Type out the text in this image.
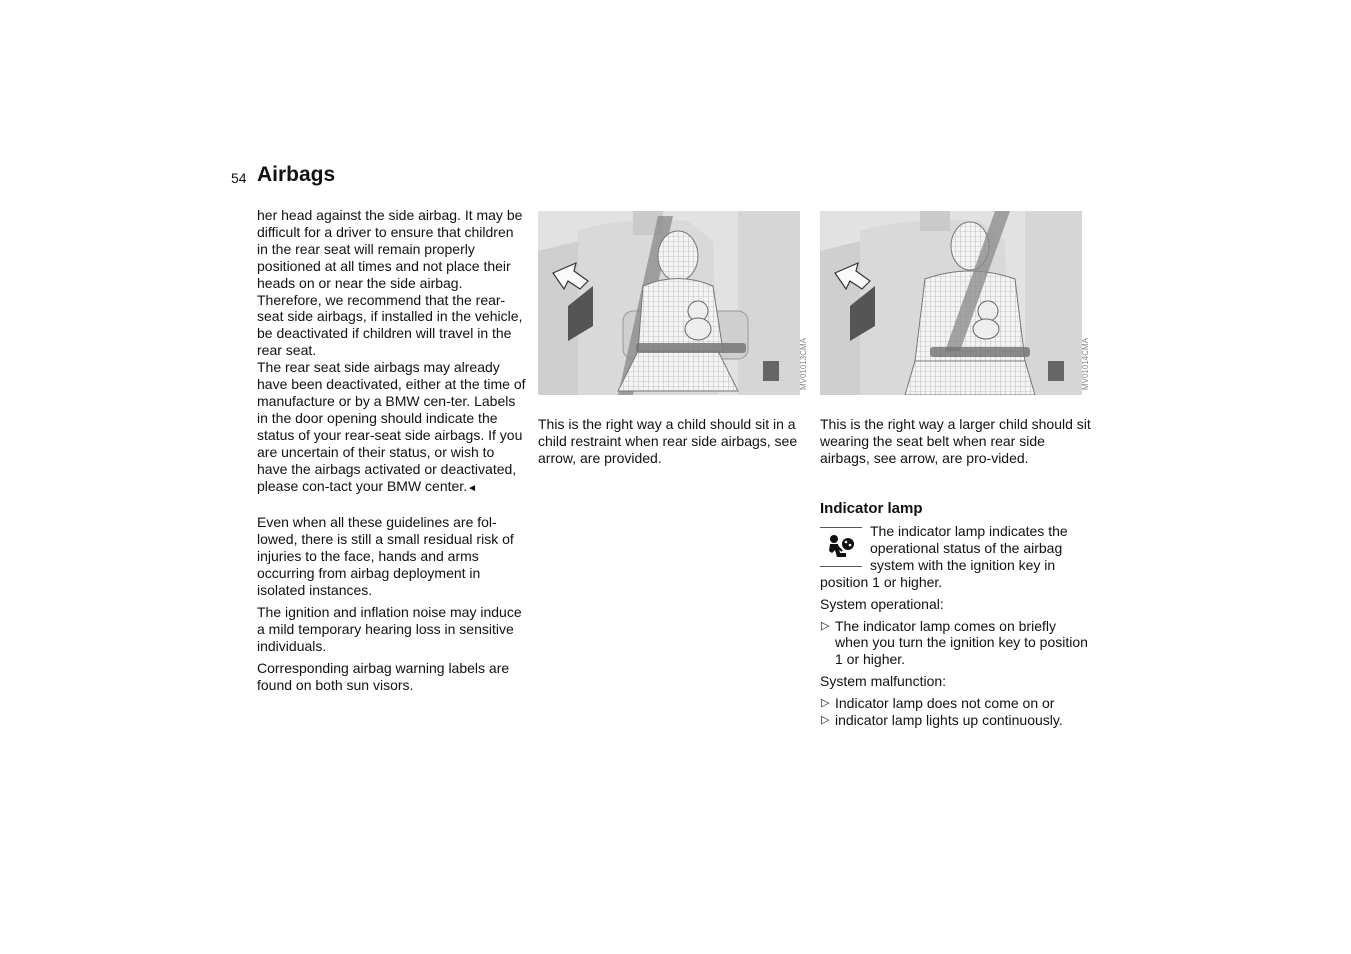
54 Airbags

her head against the side airbag. It may be difficult for a driver to ensure that children in the rear seat will remain properly positioned at all times and not place their heads on or near the side airbag. Therefore, we recommend that the rear-seat side airbags, if installed in the vehicle, be deactivated if children will travel in the rear seat.

The rear seat side airbags may already have been deactivated, either at the time of manufacture or by a BMW cen-ter. Labels in the door opening should indicate the status of your rear-seat side airbags. If you are uncertain of their status, or wish to have the airbags activated or deactivated, please con-tact your BMW center.◄

Even when all these guidelines are fol-lowed, there is still a small residual risk of injuries to the face, hands and arms occurring from airbag deployment in isolated instances.

The ignition and inflation noise may induce a mild temporary hearing loss in sensitive individuals.

Corresponding airbag warning labels are found on both sun visors.

MV01013CMA	MV01014CMA
This is the right way a child should sit in a child restraint when rear side airbags, see arrow, are provided.
This is the right way a larger child should sit wearing the seat belt when rear side airbags, see arrow, are pro-vided.
Indicator lamp

The indicator lamp indicates the operational status of the airbag system with the ignition key in position 1 or higher.

System operational:

▷ The indicator lamp comes on briefly when you turn the ignition key to position 1 or higher.

System malfunction:

▷ Indicator lamp does not come on or

▷ indicator lamp lights up continuously.
